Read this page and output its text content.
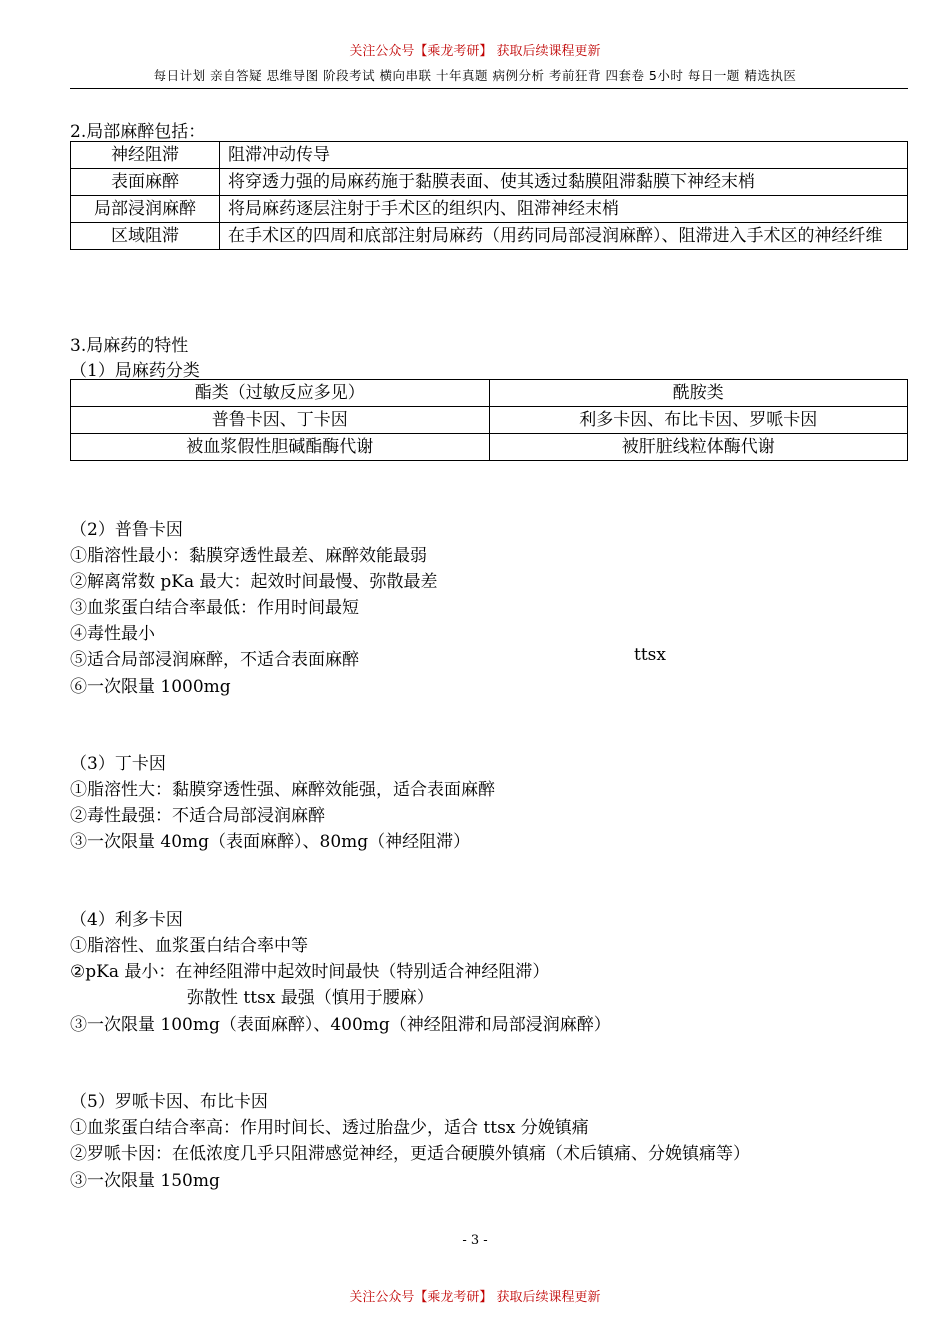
关注公众号【乘龙考研】 获取后续课程更新
每日计划 亲自答疑 思维导图 阶段考试 横向串联 十年真题 病例分析 考前狂背 四套卷 5小时 每日一题 精选执医
2.局部麻醉包括：
神经阻滞	阻滞冲动传导
表面麻醉	将穿透力强的局麻药施于黏膜表面、使其透过黏膜阻滞黏膜下神经末梢
局部浸润麻醉	将局麻药逐层注射于手术区的组织内、阻滞神经末梢
区域阻滞	在手术区的四周和底部注射局麻药（用药同局部浸润麻醉）、阻滞进入手术区的神经纤维
3.局麻药的特性
（1）局麻药分类
酯类（过敏反应多见）	酰胺类
普鲁卡因、丁卡因	利多卡因、布比卡因、罗哌卡因
被血浆假性胆碱酯酶代谢	被肝脏线粒体酶代谢
（2）普鲁卡因
①脂溶性最小：黏膜穿透性最差、麻醉效能最弱
②解离常数 pKa 最大：起效时间最慢、弥散最差
③血浆蛋白结合率最低：作用时间最短
④毒性最小
⑤适合局部浸润麻醉，不适合表面麻醉	ttsx
⑥一次限量 1000mg
（3）丁卡因
①脂溶性大：黏膜穿透性强、麻醉效能强，适合表面麻醉
②毒性最强：不适合局部浸润麻醉
③一次限量 40mg（表面麻醉）、80mg（神经阻滞）
（4）利多卡因
①脂溶性、血浆蛋白结合率中等
②pKa 最小：在神经阻滞中起效时间最快（特别适合神经阻滞）
弥散性 ttsx 最强（慎用于腰麻）
③一次限量 100mg（表面麻醉）、400mg（神经阻滞和局部浸润麻醉）
（5）罗哌卡因、布比卡因
①血浆蛋白结合率高：作用时间长、透过胎盘少，适合 ttsx 分娩镇痛
②罗哌卡因：在低浓度几乎只阻滞感觉神经，更适合硬膜外镇痛（术后镇痛、分娩镇痛等）
③一次限量 150mg
- 3 -
关注公众号【乘龙考研】 获取后续课程更新
